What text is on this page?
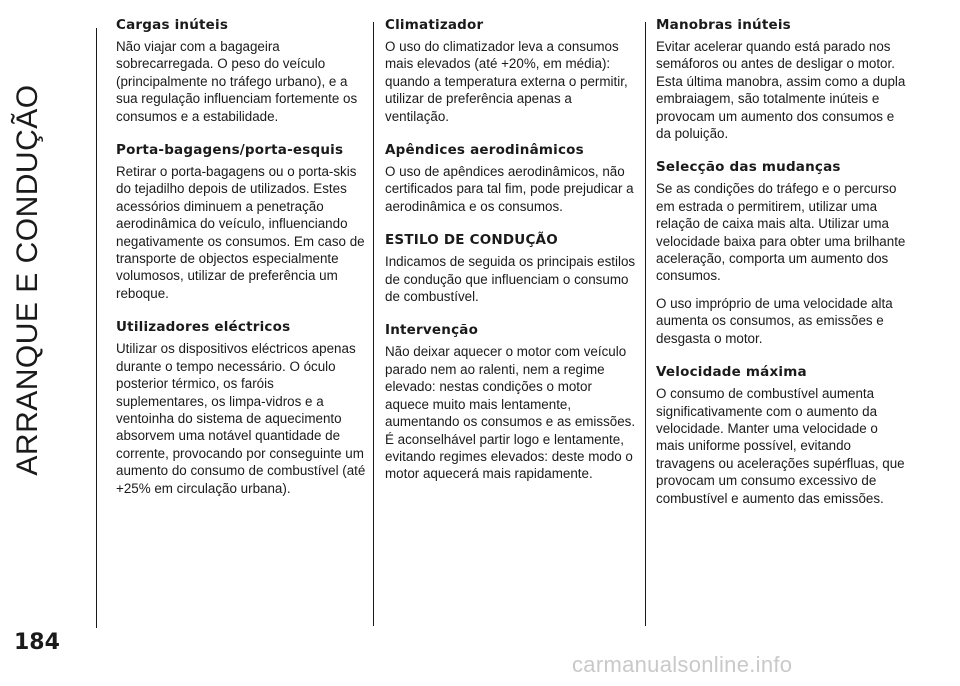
ARRANQUE E CONDUÇÃO
184
Cargas inúteis

Não viajar com a bagageira sobrecarregada. O peso do veículo (principalmente no tráfego urbano), e a sua regulação influenciam fortemente os consumos e a estabilidade.

Porta-bagagens/porta-esquis

Retirar o porta-bagagens ou o porta-skis do tejadilho depois de utilizados. Estes acessórios diminuem a penetração aerodinâmica do veículo, influenciando negativamente os consumos. Em caso de transporte de objectos especialmente volumosos, utilizar de preferência um reboque.

Utilizadores eléctricos

Utilizar os dispositivos eléctricos apenas durante o tempo necessário. O óculo posterior térmico, os faróis suplementares, os limpa-vidros e a ventoinha do sistema de aquecimento absorvem uma notável quantidade de corrente, provocando por conseguinte um aumento do consumo de combustível (até +25% em circulação urbana).

Climatizador

O uso do climatizador leva a consumos mais elevados (até +20%, em média): quando a temperatura externa o permitir, utilizar de preferência apenas a ventilação.

Apêndices aerodinâmicos

O uso de apêndices aerodinâmicos, não certificados para tal fim, pode prejudicar a aerodinâmica e os consumos.

ESTILO DE CONDUÇÃO

Indicamos de seguida os principais estilos de condução que influenciam o consumo de combustível.

Intervenção

Não deixar aquecer o motor com veículo parado nem ao ralenti, nem a regime elevado: nestas condições o motor aquece muito mais lentamente, aumentando os consumos e as emissões. É aconselhável partir logo e lentamente, evitando regimes elevados: deste modo o motor aquecerá mais rapidamente.

Manobras inúteis

Evitar acelerar quando está parado nos semáforos ou antes de desligar o motor. Esta última manobra, assim como a dupla embraiagem, são totalmente inúteis e provocam um aumento dos consumos e da poluição.

Selecção das mudanças

Se as condições do tráfego e o percurso em estrada o permitirem, utilizar uma relação de caixa mais alta. Utilizar uma velocidade baixa para obter uma brilhante aceleração, comporta um aumento dos consumos.

O uso impróprio de uma velocidade alta aumenta os consumos, as emissões e desgasta o motor.

Velocidade máxima

O consumo de combustível aumenta significativamente com o aumento da velocidade. Manter uma velocidade o mais uniforme possível, evitando travagens ou acelerações supérfluas, que provocam um consumo excessivo de combustível e aumento das emissões.

carmanualsonline.info
